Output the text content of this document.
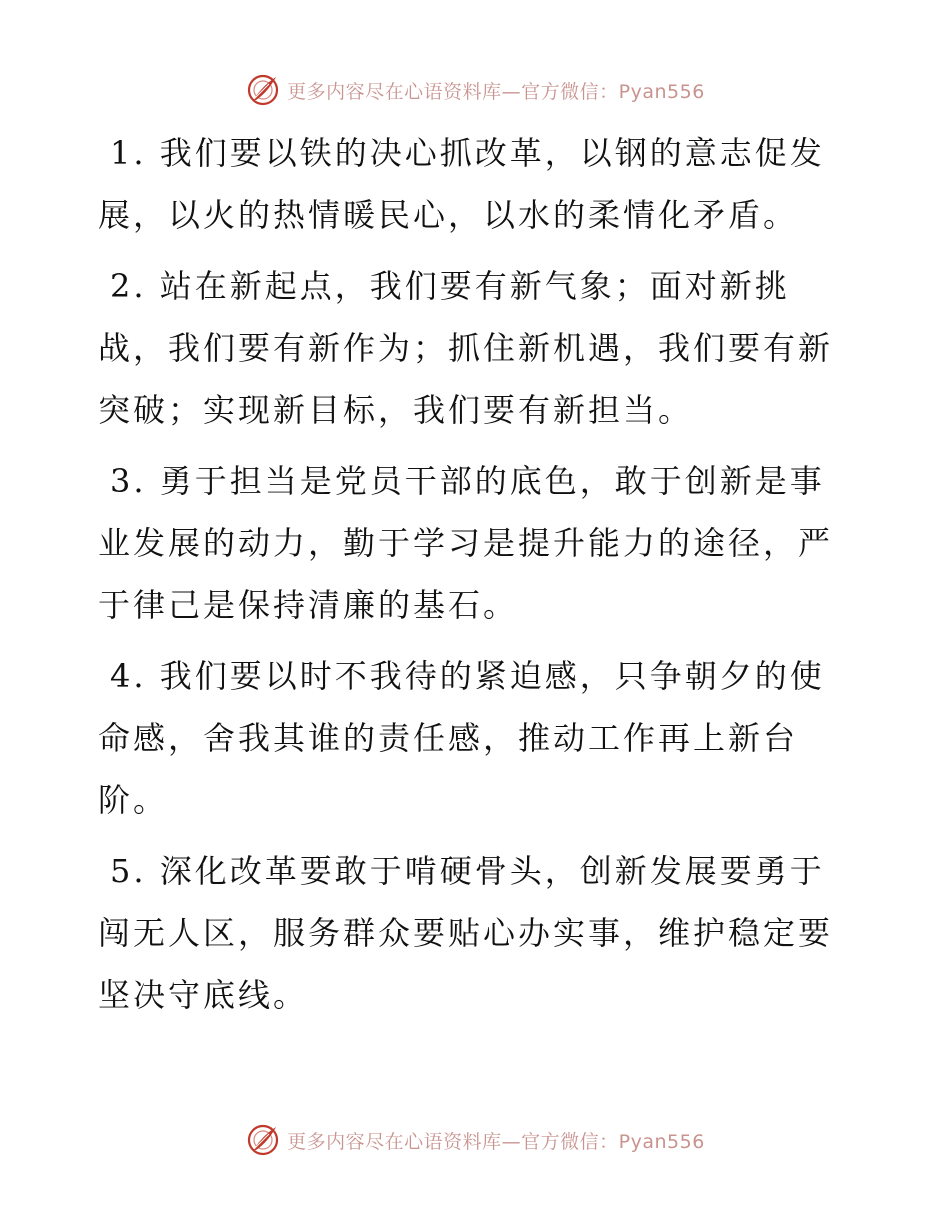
更多内容尽在心语资料库—官方微信：Pyan556

1. 我们要以铁的决心抓改革，以钢的意志促发展，以火的热情暖民心，以水的柔情化矛盾。

2. 站在新起点，我们要有新气象；面对新挑战，我们要有新作为；抓住新机遇，我们要有新突破；实现新目标，我们要有新担当。

3. 勇于担当是党员干部的底色，敢于创新是事业发展的动力，勤于学习是提升能力的途径，严于律己是保持清廉的基石。

4. 我们要以时不我待的紧迫感，只争朝夕的使命感，舍我其谁的责任感，推动工作再上新台阶。

5. 深化改革要敢于啃硬骨头，创新发展要勇于闯无人区，服务群众要贴心办实事，维护稳定要坚决守底线。

更多内容尽在心语资料库—官方微信：Pyan556
